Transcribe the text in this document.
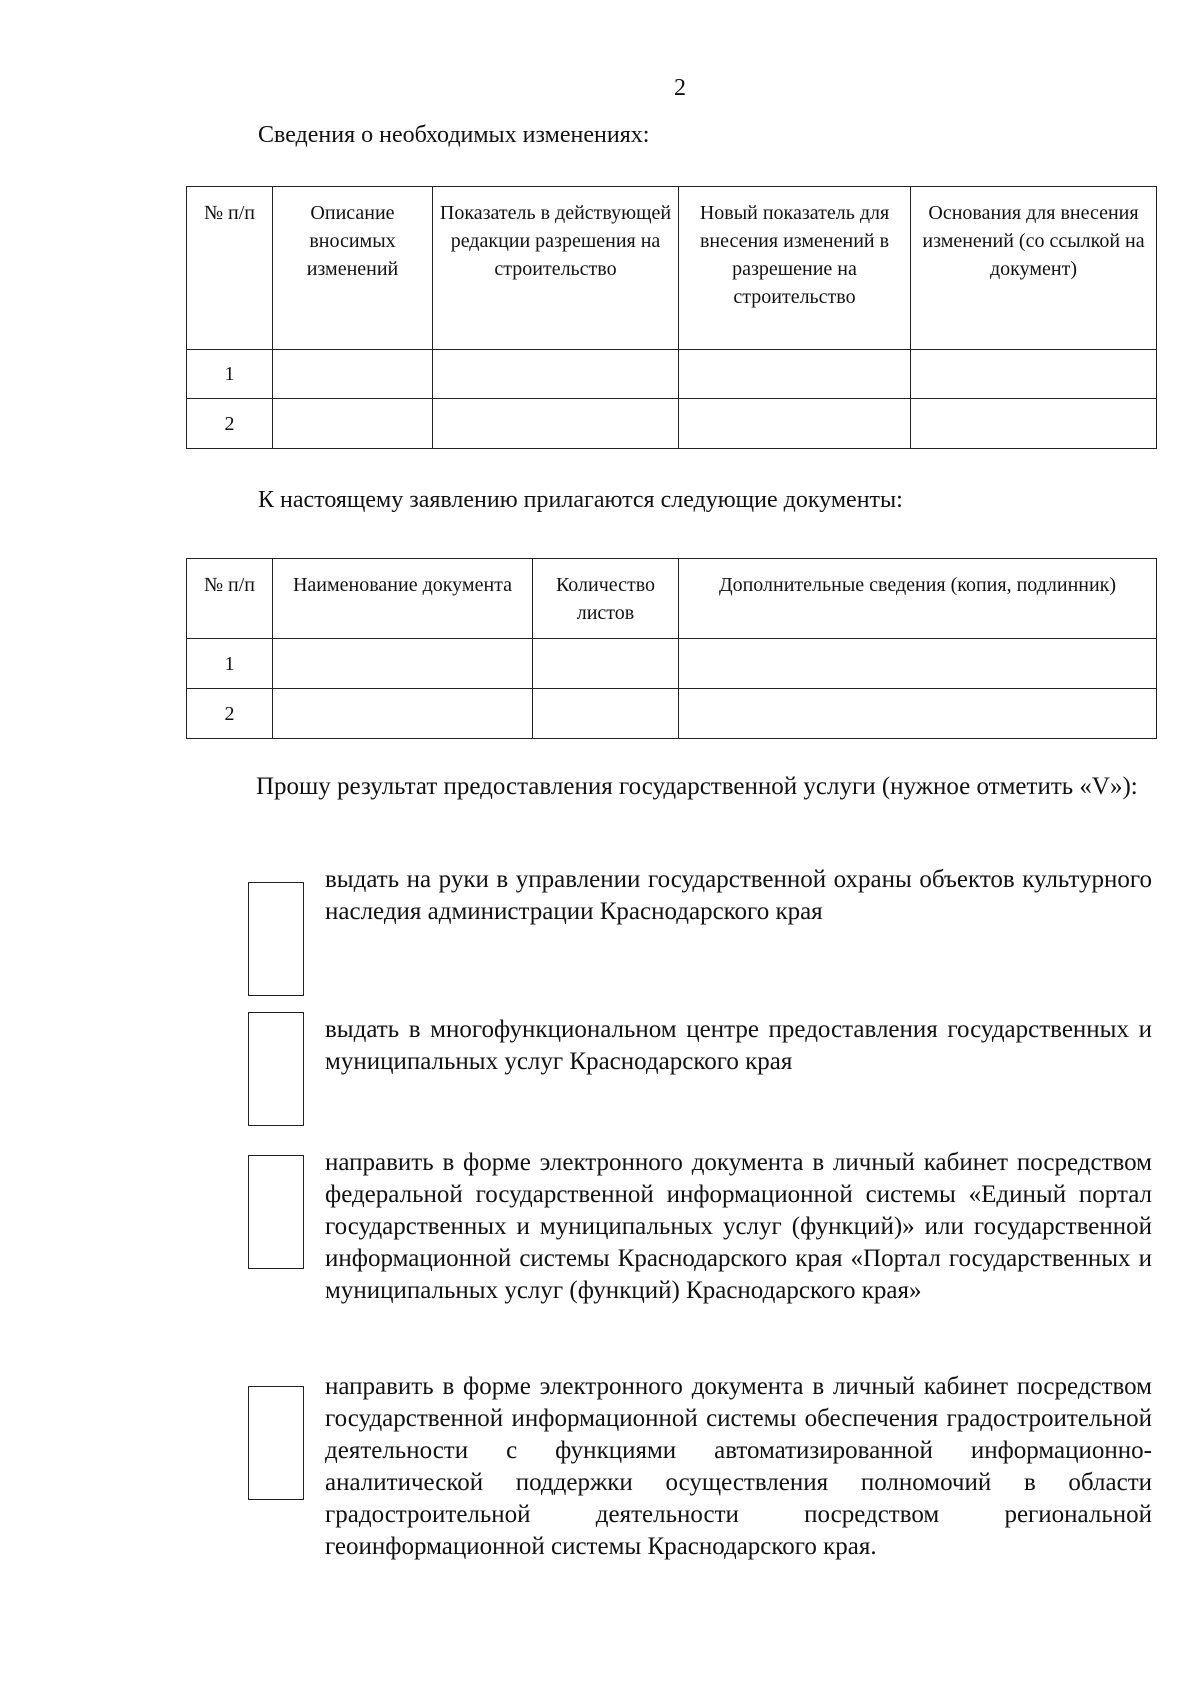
2
Сведения о необходимых изменениях:
№ п/п	Описание вносимых изменений	Показатель в действующей редакции разрешения на строительство	Новый показатель для внесения изменений в разрешение на строительство	Основания для внесения изменений (со ссылкой на документ)
1				
2				
К настоящему заявлению прилагаются следующие документы:
№ п/п	Наименование документа	Количество листов	Дополнительные сведения (копия, подлинник)
1			
2			
Прошу результат предоставления государственной услуги (нужное отметить «V»):
выдать на руки в управлении государственной охраны объектов культурного наследия администрации Краснодарского края
выдать в многофункциональном центре предоставления государственных и муниципальных услуг Краснодарского края
направить в форме электронного документа в личный кабинет посредством федеральной государственной информационной системы «Единый портал государственных и муниципальных услуг (функций)» или государственной информационной системы Краснодарского края «Портал государственных и муниципальных услуг (функций) Краснодарского края»
направить в форме электронного документа в личный кабинет посредством государственной информационной системы обеспечения градостроительной деятельности с функциями автоматизированной информационно-аналитической поддержки осуществления полномочий в области градостроительной деятельности посредством региональной геоинформационной системы Краснодарского края.
